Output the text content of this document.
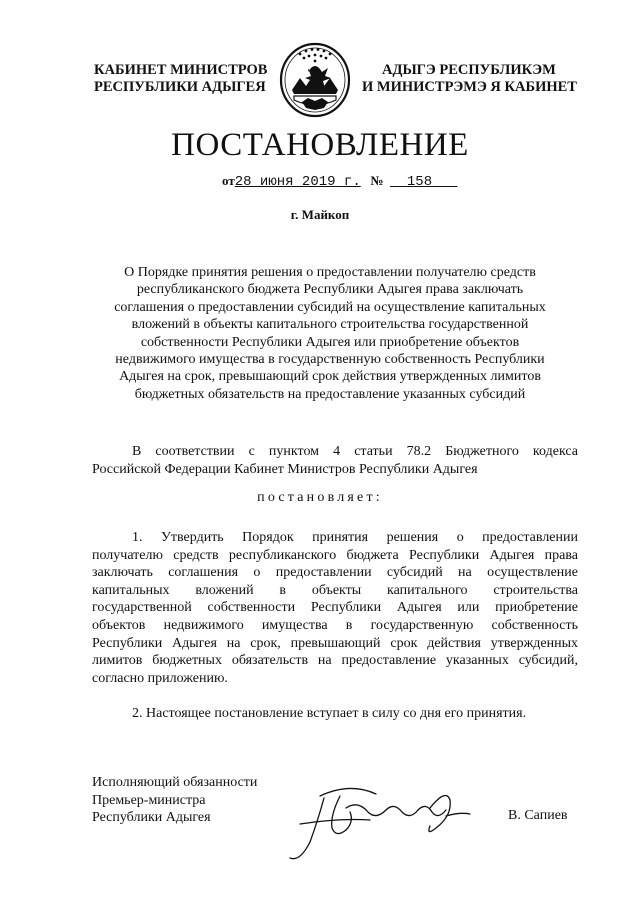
КАБИНЕТ МИНИСТРОВ
РЕСПУБЛИКИ АДЫГЕЯ
АДЫГЭ РЕСПУБЛИКЭМ
И МИНИСТРЭМЭ Я КАБИНЕТ
ПОСТАНОВЛЕНИЕ
от28 июня 2019 г. № 158
г. Майкоп
О Порядке принятия решения о предоставлении получателю средств
республиканского бюджета Республики Адыгея права заключать
соглашения о предоставлении субсидий на осуществление капитальных
вложений в объекты капитального строительства государственной
собственности Республики Адыгея или приобретение объектов
недвижимого имущества в государственную собственность Республики
Адыгея на срок, превышающий срок действия утвержденных лимитов
бюджетных обязательств на предоставление указанных субсидий
В соответствии с пунктом 4 статьи 78.2 Бюджетного кодекса
Российской Федерации Кабинет Министров Республики Адыгея
постановляет:
1. Утвердить Порядок принятия решения о предоставлении
получателю средств республиканского бюджета Республики Адыгея права
заключать соглашения о предоставлении субсидий на осуществление
капитальных вложений в объекты капитального строительства
государственной собственности Республики Адыгея или приобретение
объектов недвижимого имущества в государственную собственность
Республики Адыгея на срок, превышающий срок действия утвержденных
лимитов бюджетных обязательств на предоставление указанных субсидий,
согласно приложению.
2. Настоящее постановление вступает в силу со дня его принятия.
Исполняющий обязанности
Премьер-министра
Республики Адыгея	В. Сапиев
